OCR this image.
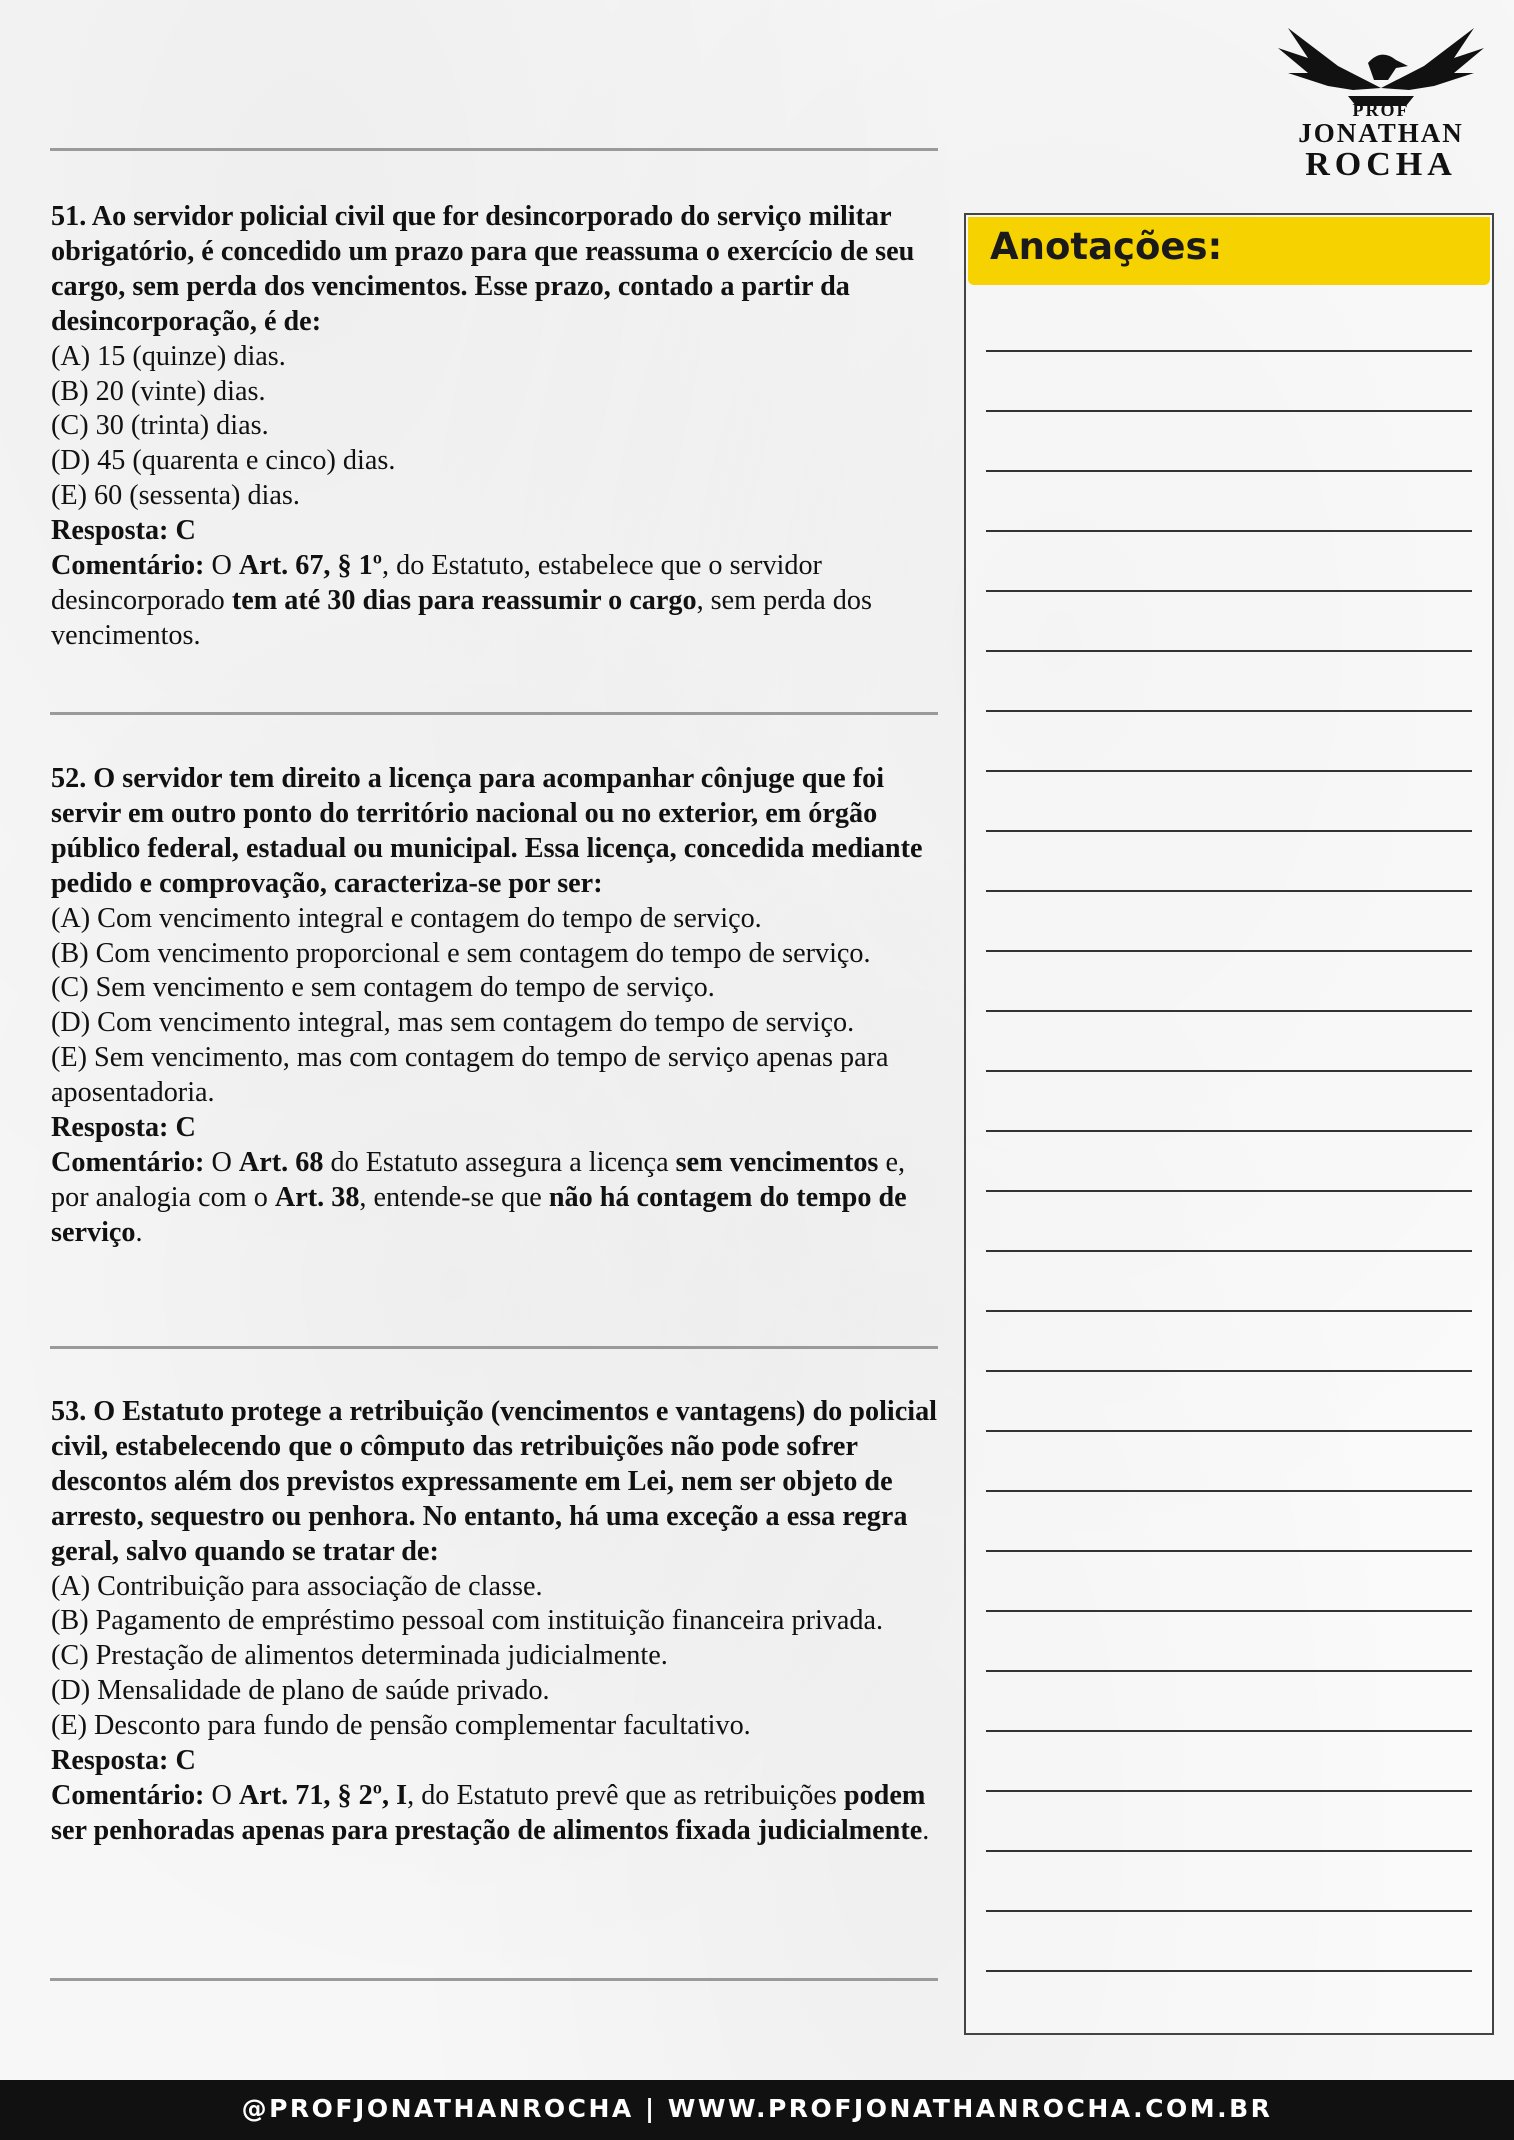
PROF
JONATHAN
ROCHA

51. Ao servidor policial civil que for desincorporado do serviço militar obrigatório, é concedido um prazo para que reassuma o exercício de seu cargo, sem perda dos vencimentos. Esse prazo, contado a partir da desincorporação, é de:

(A) 15 (quinze) dias.

(B) 20 (vinte) dias.

(C) 30 (trinta) dias.

(D) 45 (quarenta e cinco) dias.

(E) 60 (sessenta) dias.

Resposta: C

Comentário: O Art. 67, § 1º, do Estatuto, estabelece que o servidor desincorporado tem até 30 dias para reassumir o cargo, sem perda dos vencimentos.

52. O servidor tem direito a licença para acompanhar cônjuge que foi servir em outro ponto do território nacional ou no exterior, em órgão público federal, estadual ou municipal. Essa licença, concedida mediante pedido e comprovação, caracteriza-se por ser:

(A) Com vencimento integral e contagem do tempo de serviço.

(B) Com vencimento proporcional e sem contagem do tempo de serviço.

(C) Sem vencimento e sem contagem do tempo de serviço.

(D) Com vencimento integral, mas sem contagem do tempo de serviço.

(E) Sem vencimento, mas com contagem do tempo de serviço apenas para aposentadoria.

Resposta: C

Comentário: O Art. 68 do Estatuto assegura a licença sem vencimentos e, por analogia com o Art. 38, entende-se que não há contagem do tempo de serviço.

53. O Estatuto protege a retribuição (vencimentos e vantagens) do policial civil, estabelecendo que o cômputo das retribuições não pode sofrer descontos além dos previstos expressamente em Lei, nem ser objeto de arresto, sequestro ou penhora. No entanto, há uma exceção a essa regra geral, salvo quando se tratar de:

(A) Contribuição para associação de classe.

(B) Pagamento de empréstimo pessoal com instituição financeira privada.

(C) Prestação de alimentos determinada judicialmente.

(D) Mensalidade de plano de saúde privado.

(E) Desconto para fundo de pensão complementar facultativo.

Resposta: C

Comentário: O Art. 71, § 2º, I, do Estatuto prevê que as retribuições podem ser penhoradas apenas para prestação de alimentos fixada judicialmente.

Anotações:
@PROFJONATHANROCHA | WWW.PROFJONATHANROCHA.COM.BR
